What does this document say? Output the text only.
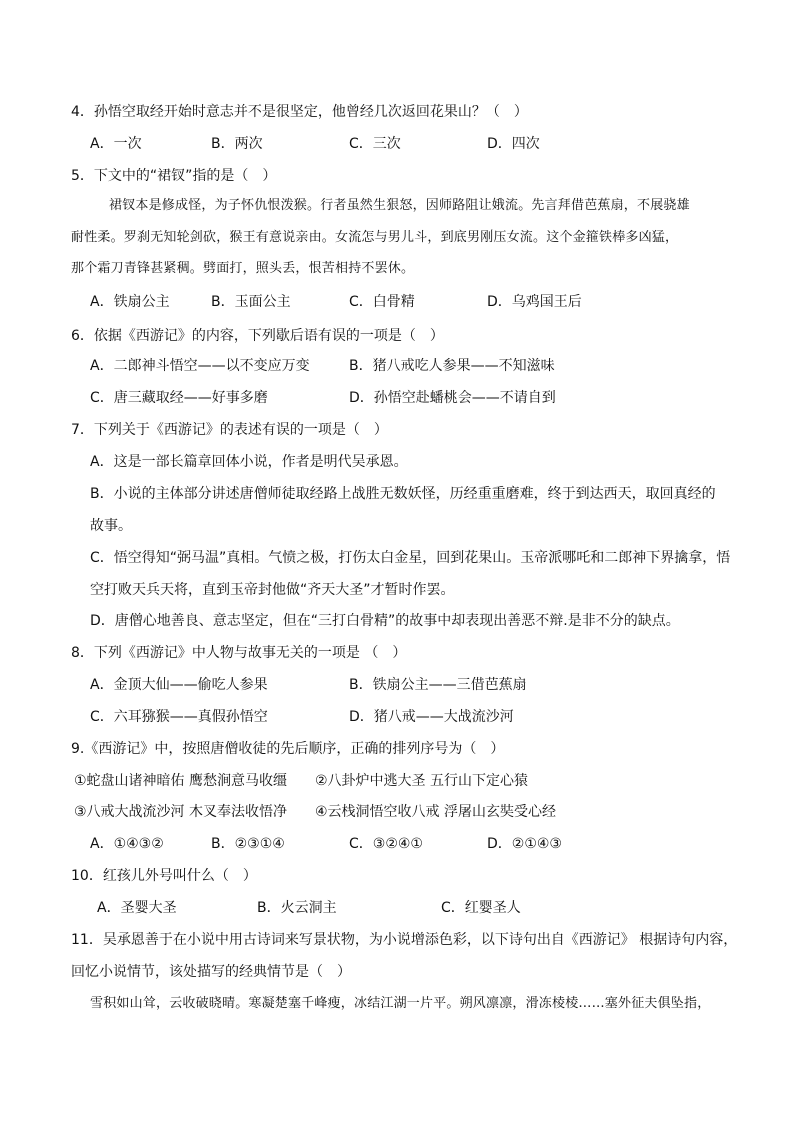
4．孙悟空取经开始时意志并不是很坚定，他曾经几次返回花果山？（　）
A．一次	B．两次	C．三次	D．四次
5．下文中的“裙钗”指的是（　）
裙钗本是修成怪，为子怀仇恨泼猴。行者虽然生狠怒，因师路阻让娥流。先言拜借芭蕉扇，不展骁雄
耐性柔。罗刹无知轮剑砍，猴王有意说亲由。女流怎与男儿斗，到底男刚压女流。这个金箍铁棒多凶猛，
那个霜刀青锋甚紧稠。劈面打，照头丢，恨苦相持不罢休。
A．铁扇公主	B．玉面公主	C．白骨精	D．乌鸡国王后
6．依据《西游记》的内容，下列歇后语有误的一项是（　）
A．二郎神斗悟空——以不变应万变	B．猪八戒吃人参果——不知滋味
C．唐三藏取经——好事多磨	D．孙悟空赴蟠桃会——不请自到
7．下列关于《西游记》的表述有误的一项是（　）
A．这是一部长篇章回体小说，作者是明代吴承恩。
B．小说的主体部分讲述唐僧师徒取经路上战胜无数妖怪，历经重重磨难，终于到达西天，取回真经的
故事。
C．悟空得知“弼马温”真相。气愤之极，打伤太白金星，回到花果山。玉帝派哪吒和二郎神下界擒拿，悟
空打败天兵天将，直到玉帝封他做“齐天大圣”才暂时作罢。
D．唐僧心地善良、意志坚定，但在“三打白骨精”的故事中却表现出善恶不辩.是非不分的缺点。
8．下列《西游记》中人物与故事无关的一项是 （　）
A．金顶大仙——偷吃人参果	B．铁扇公主——三借芭蕉扇
C．六耳猕猴——真假孙悟空	D．猪八戒——大战流沙河
9.《西游记》中，按照唐僧收徒的先后顺序，正确的排列序号为（　）
①蛇盘山诸神暗佑 鹰愁涧意马收缰 ②八卦炉中逃大圣 五行山下定心猿
③八戒大战流沙河 木叉奉法收悟净 ④云栈洞悟空收八戒 浮屠山玄奘受心经
A．①④③②	B．②③①④	C．③②④①	D．②①④③
10．红孩儿外号叫什么（　）
A．圣婴大圣	B．火云洞主	C．红婴圣人
11．吴承恩善于在小说中用古诗词来写景状物，为小说增添色彩，以下诗句出自《西游记》 根据诗句内容，
回忆小说情节，该处描写的经典情节是（　）
雪积如山耸，云收破晓晴。寒凝楚塞千峰瘦，冰结江湖一片平。朔风凛凛，滑冻棱棱……塞外征夫俱坠指，
